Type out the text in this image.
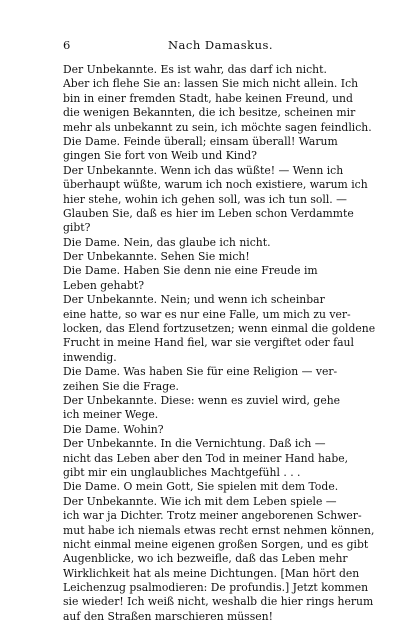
6	Nach Damaskus.
Der Unbekannte. Es ist wahr, das darf ich nicht.
Aber ich flehe Sie an: lassen Sie mich nicht allein. Ich
bin in einer fremden Stadt, habe keinen Freund, und
die wenigen Bekannten, die ich besitze, scheinen mir
mehr als unbekannt zu sein, ich möchte sagen feindlich.
Die Dame. Feinde überall; einsam überall! Warum
gingen Sie fort von Weib und Kind?
Der Unbekannte. Wenn ich das wüßte! — Wenn ich
überhaupt wüßte, warum ich noch existiere, warum ich
hier stehe, wohin ich gehen soll, was ich tun soll. —
Glauben Sie, daß es hier im Leben schon Verdammte
gibt?
Die Dame. Nein, das glaube ich nicht.
Der Unbekannte. Sehen Sie mich!
Die Dame. Haben Sie denn nie eine Freude im
Leben gehabt?
Der Unbekannte. Nein; und wenn ich scheinbar
eine hatte, so war es nur eine Falle, um mich zu ver-
locken, das Elend fortzusetzen; wenn einmal die goldene
Frucht in meine Hand fiel, war sie vergiftet oder faul
inwendig.
Die Dame. Was haben Sie für eine Religion — ver-
zeihen Sie die Frage.
Der Unbekannte. Diese: wenn es zuviel wird, gehe
ich meiner Wege.
Die Dame. Wohin?
Der Unbekannte. In die Vernichtung. Daß ich —
nicht das Leben aber den Tod in meiner Hand habe,
gibt mir ein unglaubliches Machtgefühl . . .
Die Dame. O mein Gott, Sie spielen mit dem Tode.
Der Unbekannte. Wie ich mit dem Leben spiele —
ich war ja Dichter. Trotz meiner angeborenen Schwer-
mut habe ich niemals etwas recht ernst nehmen können,
nicht einmal meine eigenen großen Sorgen, und es gibt
Augenblicke, wo ich bezweifle, daß das Leben mehr
Wirklichkeit hat als meine Dichtungen. [Man hört den
Leichenzug psalmodieren: De profundis.] Jetzt kommen
sie wieder! Ich weiß nicht, weshalb die hier rings herum
auf den Straßen marschieren müssen!
